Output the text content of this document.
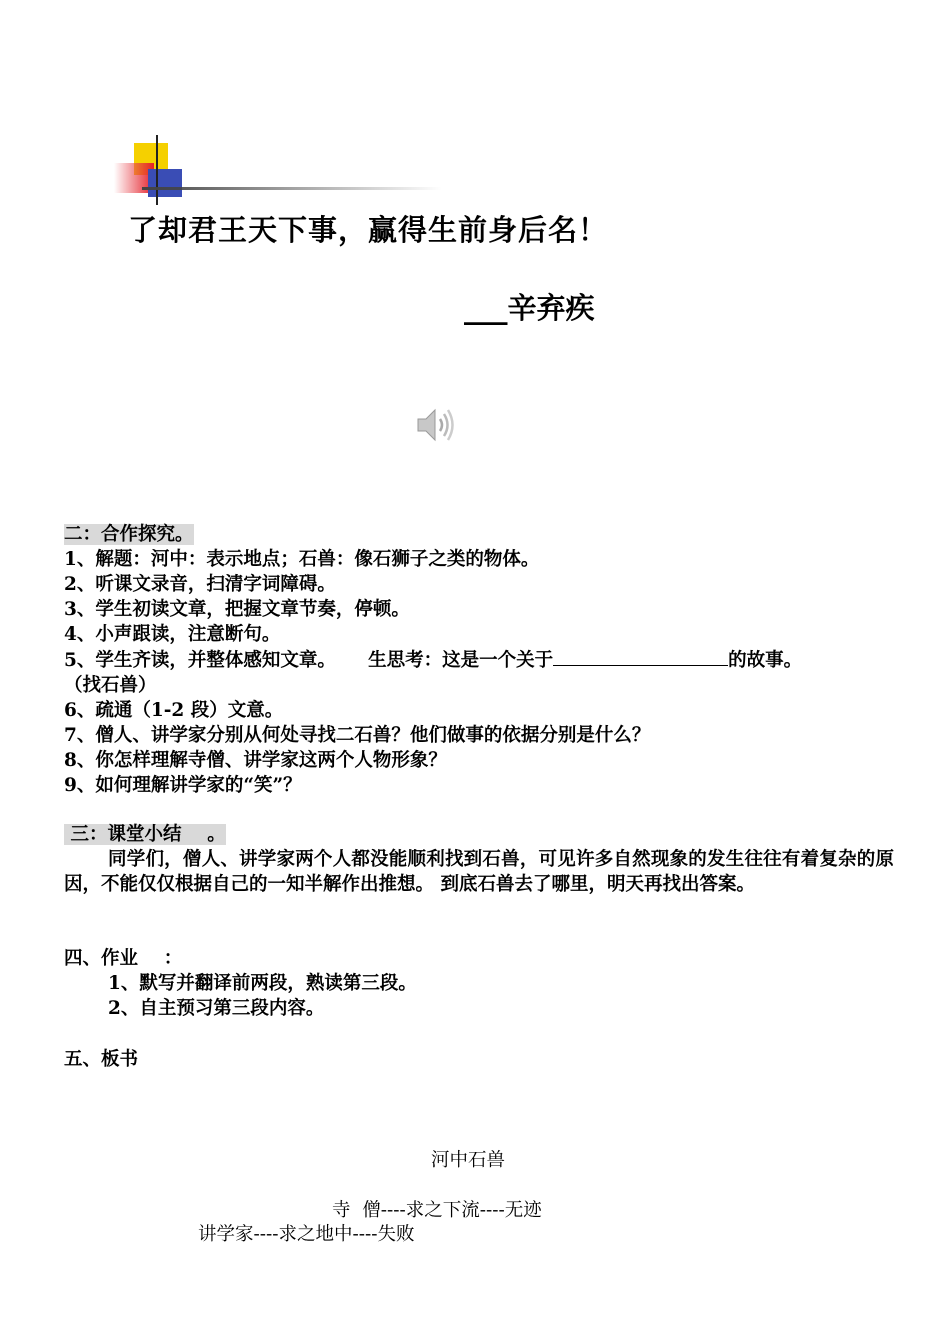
了却君王天下事，赢得生前身后名！
___辛弃疾

二：合作探究。

1、解题：河中：表示地点；石兽：像石狮子之类的物体。

2、听课文录音，扫清字词障碍。

3、学生初读文章，把握文章节奏，停顿。

4、小声跟读，注意断句。

5、学生齐读，并整体感知文章。     生思考：这是一个关于	的故事。

（找石兽）

6、疏通（1-2 段）文意。

7、僧人、讲学家分别从何处寻找二石兽？他们做事的依据分别是什么？

8、你怎样理解寺僧、讲学家这两个人物形象？

9、如何理解讲学家的“笑”？

三：课堂小结    。

同学们，僧人、讲学家两个人都没能顺利找到石兽，可见许多自然现象的发生往往有着复杂的原因，不能仅仅根据自己的一知半解作出推想。 到底石兽去了哪里，明天再找出答案。

四、作业    ：

1、默写并翻译前两段，熟读第三段。

2、自主预习第三段内容。

五、板书

河中石兽
寺  僧----求之下流----无迹
讲学家----求之地中----失败
